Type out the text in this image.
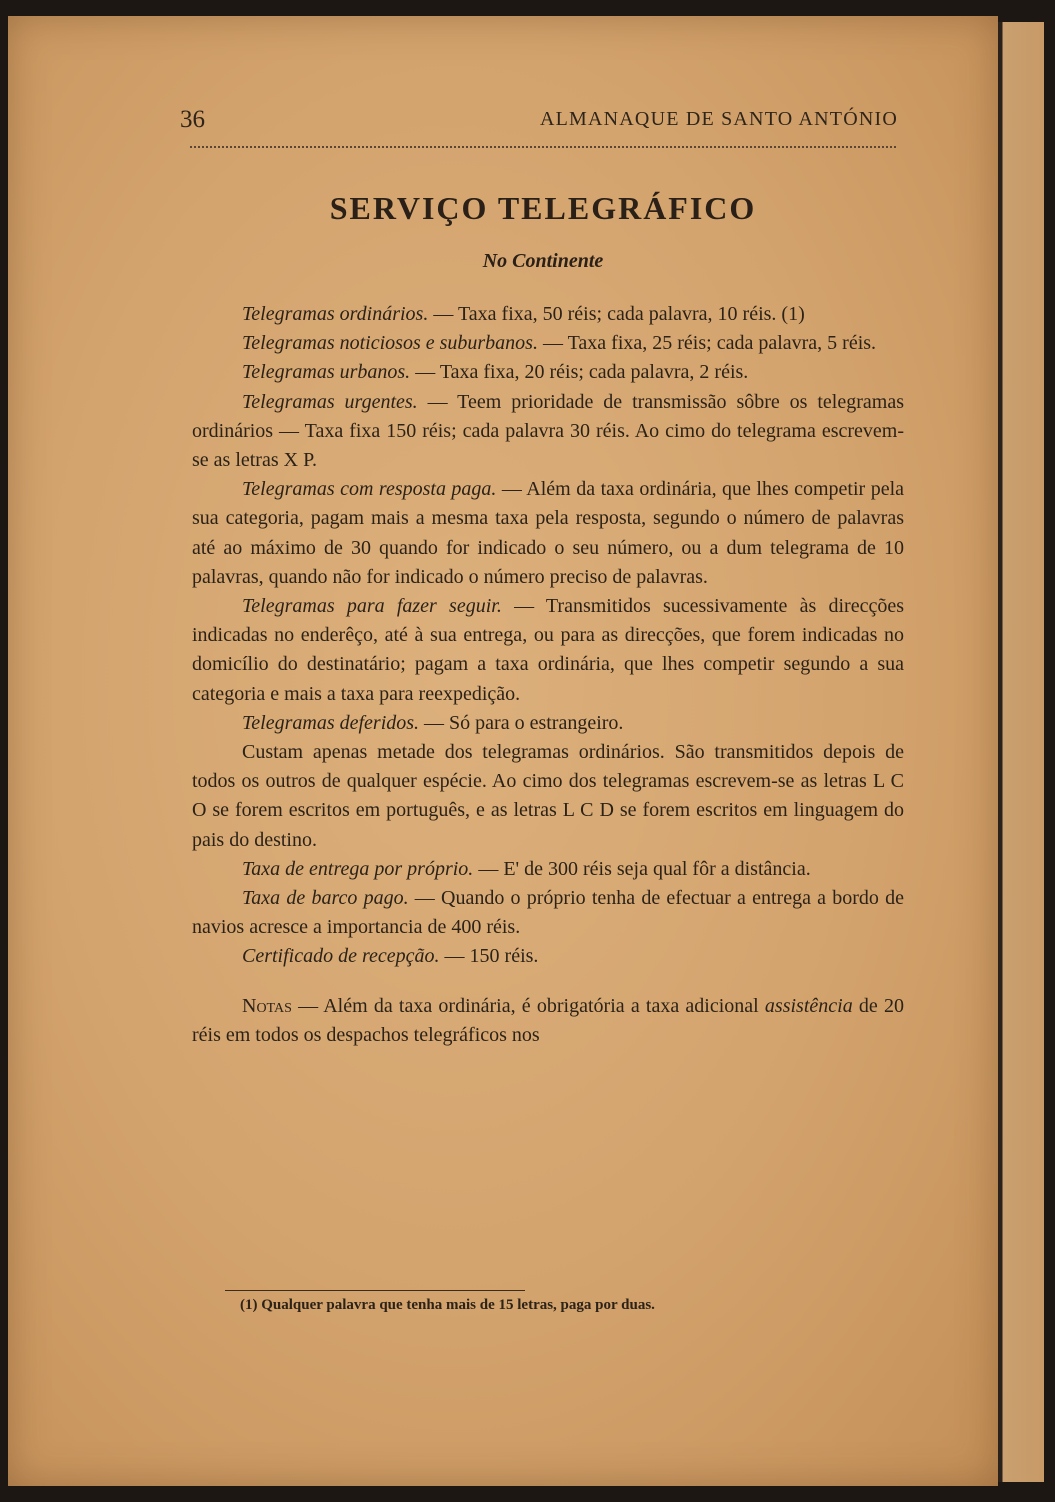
36	ALMANAQUE DE SANTO ANTÓNIO
SERVIÇO TELEGRÁFICO
No Continente

Telegramas ordinários. — Taxa fixa, 50 réis; cada palavra, 10 réis. (1)

Telegramas noticiosos e suburbanos. — Taxa fixa, 25 réis; cada palavra, 5 réis.

Telegramas urbanos. — Taxa fixa, 20 réis; cada palavra, 2 réis.

Telegramas urgentes. — Teem prioridade de transmissão sôbre os telegramas ordinários — Taxa fixa 150 réis; cada palavra 30 réis. Ao cimo do telegrama escrevem-se as letras X P.

Telegramas com resposta paga. — Além da taxa ordinária, que lhes competir pela sua categoria, pagam mais a mesma taxa pela resposta, segundo o número de palavras até ao máximo de 30 quando for indicado o seu número, ou a dum telegrama de 10 palavras, quando não for indicado o número preciso de palavras.

Telegramas para fazer seguir. — Transmitidos sucessivamente às direcções indicadas no enderêço, até à sua entrega, ou para as direcções, que forem indicadas no domicílio do destinatário; pagam a taxa ordinária, que lhes competir segundo a sua categoria e mais a taxa para reexpedição.

Telegramas deferidos. — Só para o estrangeiro.

Custam apenas metade dos telegramas ordinários. São transmitidos depois de todos os outros de qualquer espécie. Ao cimo dos telegramas escrevem-se as letras L C O se forem escritos em português, e as letras L C D se forem escritos em linguagem do pais do destino.

Taxa de entrega por próprio. — E' de 300 réis seja qual fôr a distância.

Taxa de barco pago. — Quando o próprio tenha de efectuar a entrega a bordo de navios acresce a importancia de 400 réis.

Certificado de recepção. — 150 réis.

Notas — Além da taxa ordinária, é obrigatória a taxa adicional assistência de 20 réis em todos os despachos telegráficos nos

(1) Qualquer palavra que tenha mais de 15 letras, paga por duas.
